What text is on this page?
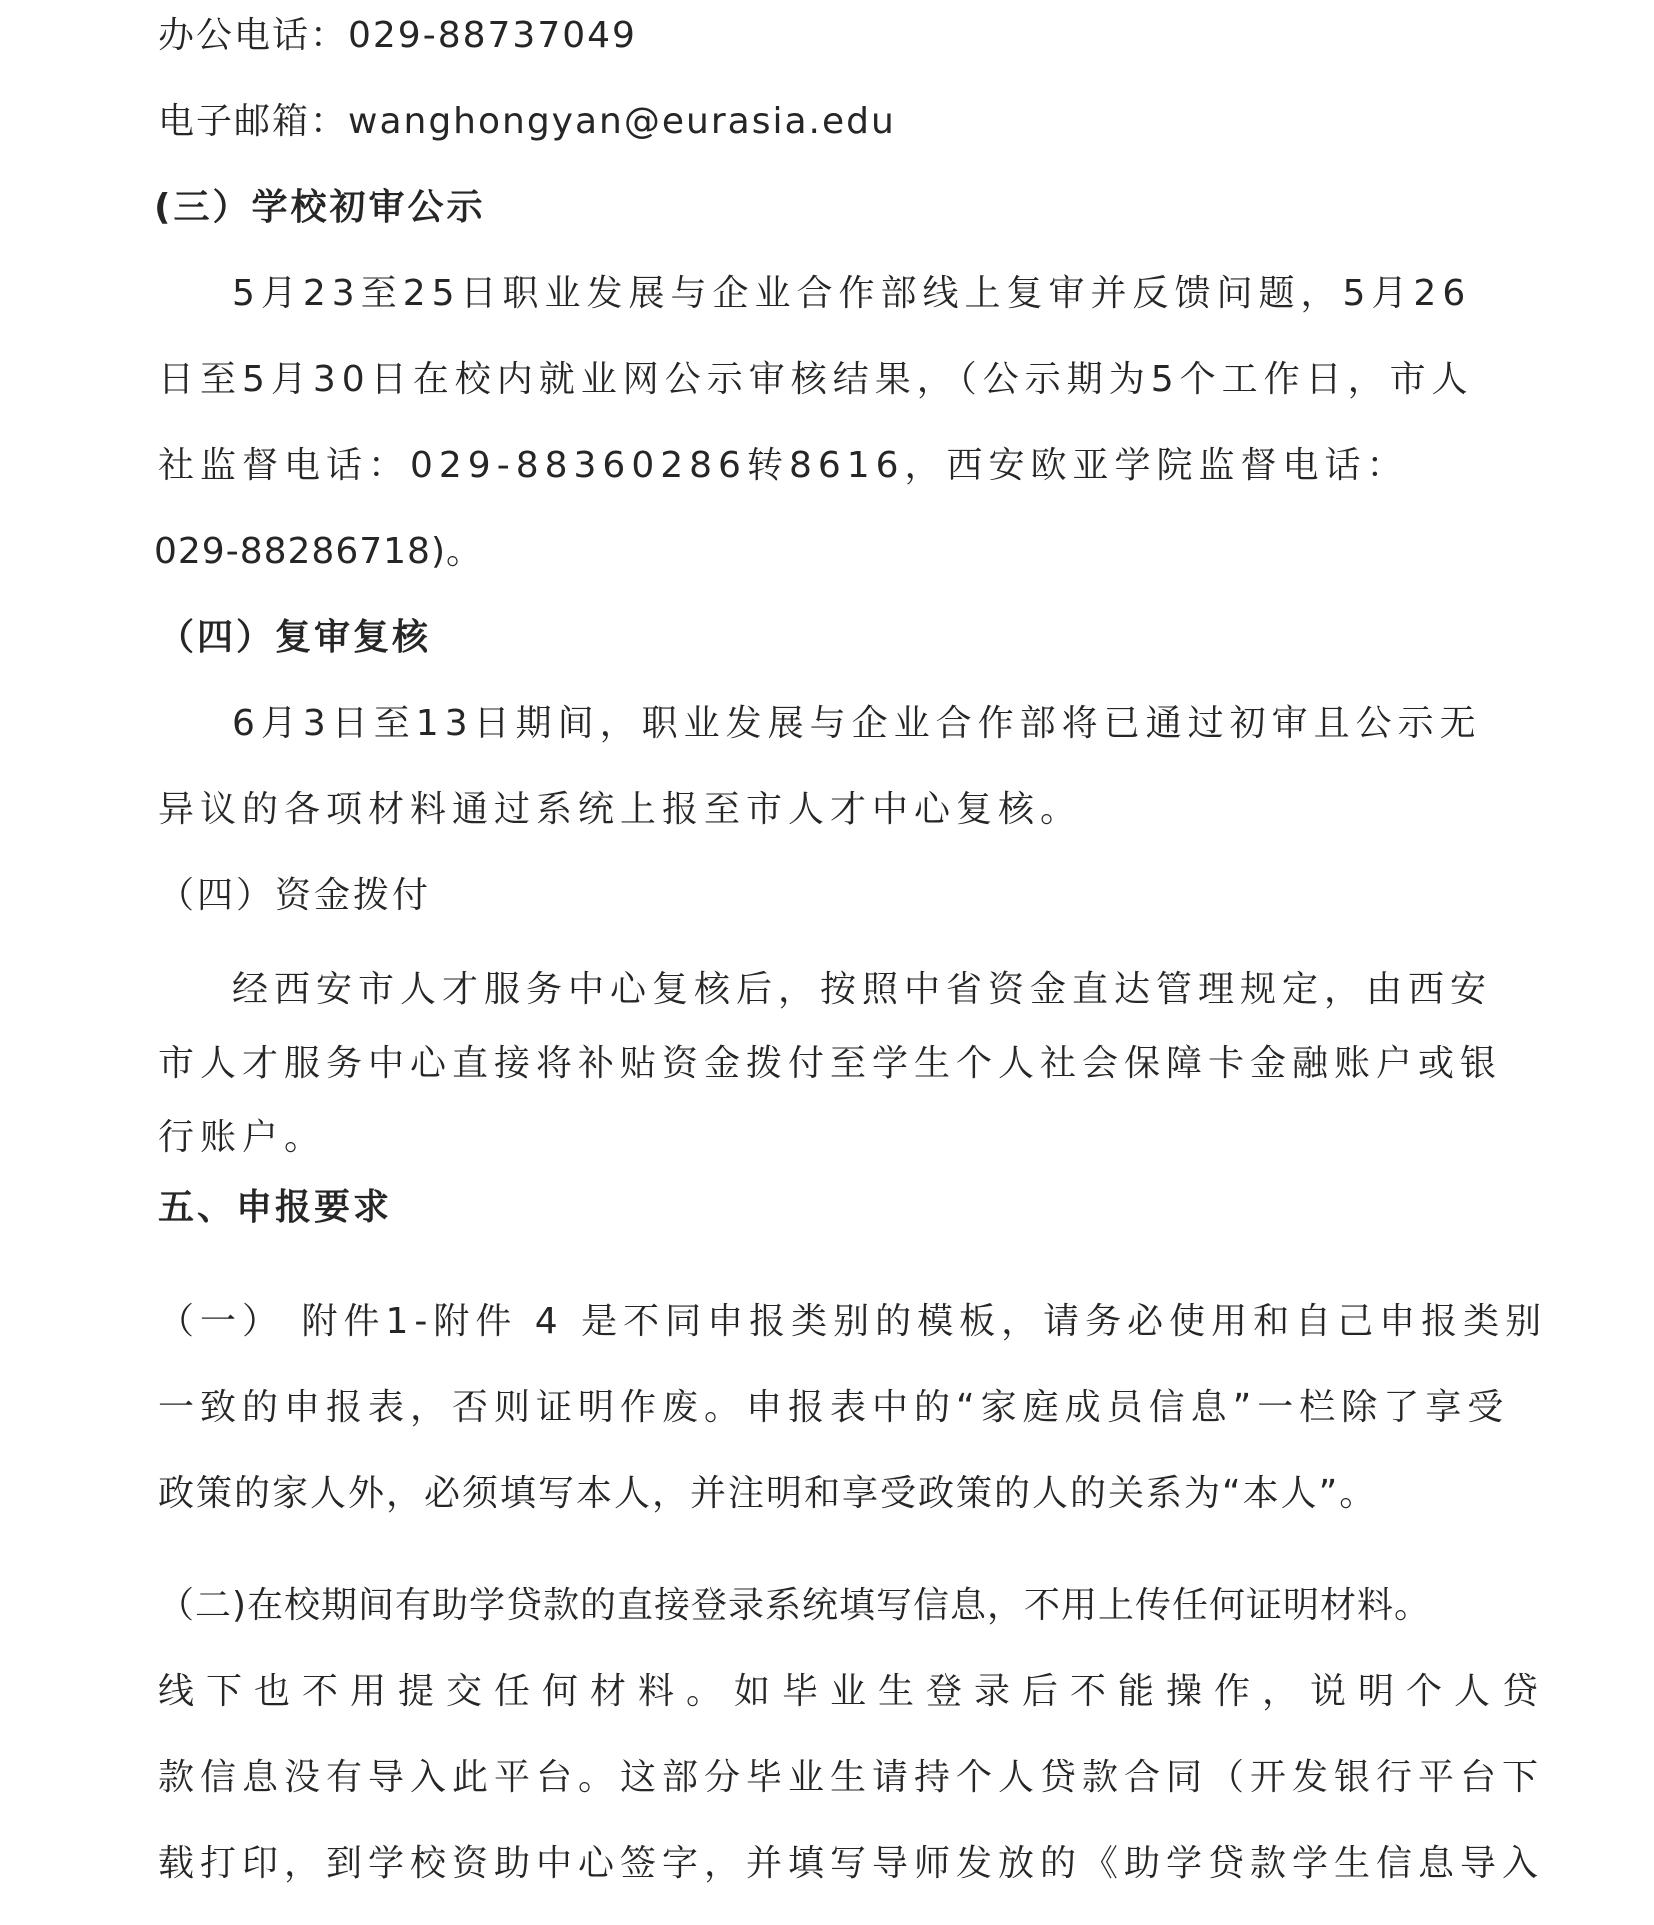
办公电话：029-88737049
电子邮箱：wanghongyan@eurasia.edu
(三）学校初审公示
5月23至25日职业发展与企业合作部线上复审并反馈问题，5月26
日至5月30日在校内就业网公示审核结果，（公示期为5个工作日，市人
社监督电话：029-88360286转8616，西安欧亚学院监督电话：
029-88286718)。
（四）复审复核
6月3日至13日期间，职业发展与企业合作部将已通过初审且公示无
异议的各项材料通过系统上报至市人才中心复核。
（四）资金拨付
经西安市人才服务中心复核后，按照中省资金直达管理规定，由西安
市人才服务中心直接将补贴资金拨付至学生个人社会保障卡金融账户或银
行账户。
五、申报要求
（一） 附件1-附件 4 是不同申报类别的模板，请务必使用和自己申报类别
一致的申报表，否则证明作废。申报表中的“家庭成员信息”一栏除了享受
政策的家人外，必须填写本人，并注明和享受政策的人的关系为“本人”。
（二)在校期间有助学贷款的直接登录系统填写信息，不用上传任何证明材料。
线下也不用提交任何材料。如毕业生登录后不能操作，说明个人贷
款信息没有导入此平台。这部分毕业生请持个人贷款合同（开发银行平台下
载打印，到学校资助中心签字，并填写导师发放的《助学贷款学生信息导入
